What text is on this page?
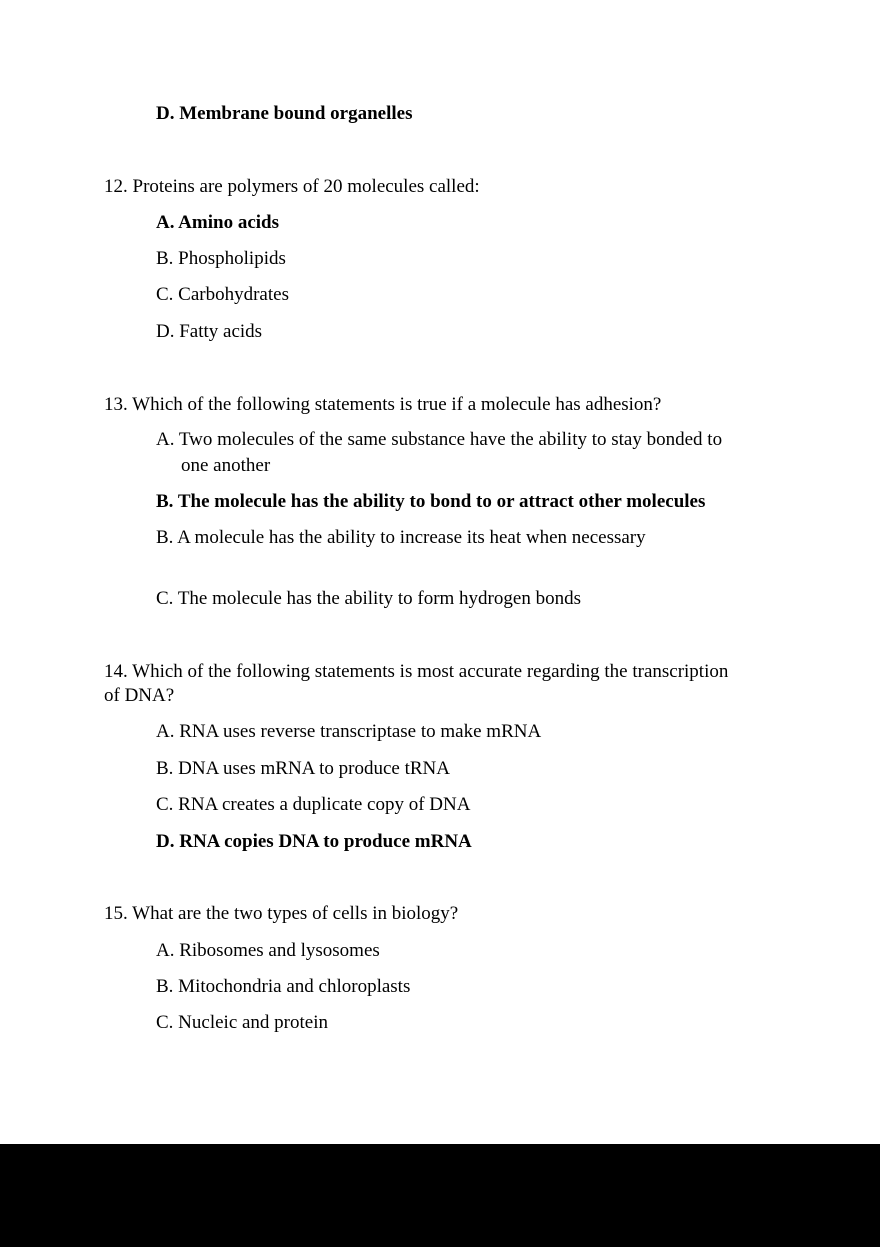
D. Membrane bound organelles
12. Proteins are polymers of 20 molecules called:
A. Amino acids
B. Phospholipids
C. Carbohydrates
D. Fatty acids
13. Which of the following statements is true if a molecule has adhesion?
A. Two molecules of the same substance have the ability to stay bonded to
one another
B. The molecule has the ability to bond to or attract other molecules
B. A molecule has the ability to increase its heat when necessary
C. The molecule has the ability to form hydrogen bonds
14. Which of the following statements is most accurate regarding the transcription
of DNA?
A. RNA uses reverse transcriptase to make mRNA
B. DNA uses mRNA to produce tRNA
C. RNA creates a duplicate copy of DNA
D. RNA copies DNA to produce mRNA
15. What are the two types of cells in biology?
A. Ribosomes and lysosomes
B. Mitochondria and chloroplasts
C. Nucleic and protein
